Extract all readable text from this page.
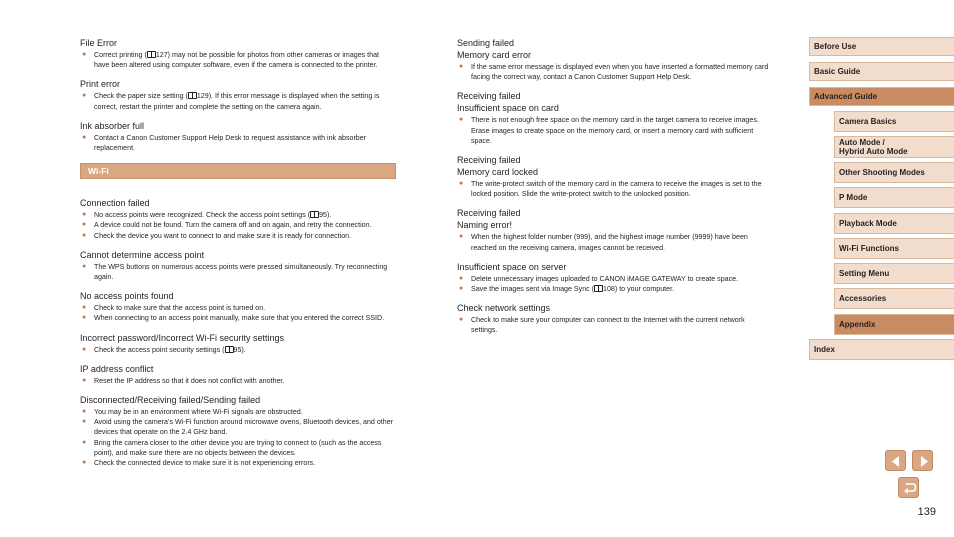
File Error

● Correct printing ( 127) may not be possible for photos from other cameras or images that have been altered using computer software, even if the camera is connected to the printer.

Print error

● Check the paper size setting ( 129). If this error message is displayed when the setting is correct, restart the printer and complete the setting on the camera again.

Ink absorber full

● Contact a Canon Customer Support Help Desk to request assistance with ink absorber replacement.
Wi-Fi

Connection failed

● No access points were recognized. Check the access point settings ( 95).
● A device could not be found. Turn the camera off and on again, and retry the connection.
● Check the device you want to connect to and make sure it is ready for connection.

Cannot determine access point

● The WPS buttons on numerous access points were pressed simultaneously. Try reconnecting again.

No access points found

● Check to make sure that the access point is turned on.
● When connecting to an access point manually, make sure that you entered the correct SSID.

Incorrect password/Incorrect Wi-Fi security settings

● Check the access point security settings ( 95).

IP address conflict

● Reset the IP address so that it does not conflict with another.

Disconnected/Receiving failed/Sending failed

● You may be in an environment where Wi-Fi signals are obstructed.
● Avoid using the camera’s Wi-Fi function around microwave ovens, Bluetooth devices, and other devices that operate on the 2.4 GHz band.
● Bring the camera closer to the other device you are trying to connect to (such as the access point), and make sure there are no objects between the devices.
● Check the connected device to make sure it is not experiencing errors.

Sending failed

Memory card error

● If the same error message is displayed even when you have inserted a formatted memory card facing the correct way, contact a Canon Customer Support Help Desk.

Receiving failed

Insufficient space on card

● There is not enough free space on the memory card in the target camera to receive images. Erase images to create space on the memory card, or insert a memory card with sufficient space.

Receiving failed

Memory card locked

● The write-protect switch of the memory card in the camera to receive the images is set to the locked position. Slide the write-protect switch to the unlocked position.

Receiving failed

Naming error!

● When the highest folder number (999), and the highest image number (9999) have been reached on the receiving camera, images cannot be received.

Insufficient space on server

● Delete unnecessary images uploaded to CANON iMAGE GATEWAY to create space.
● Save the images sent via Image Sync ( 108) to your computer.

Check network settings

● Check to make sure your computer can connect to the Internet with the current network settings.
Before Use
Basic Guide
Advanced Guide
Camera Basics
Auto Mode /
Hybrid Auto Mode
Other Shooting Modes
P Mode
Playback Mode
Wi-Fi Functions
Setting Menu
Accessories
Appendix
Index
139
